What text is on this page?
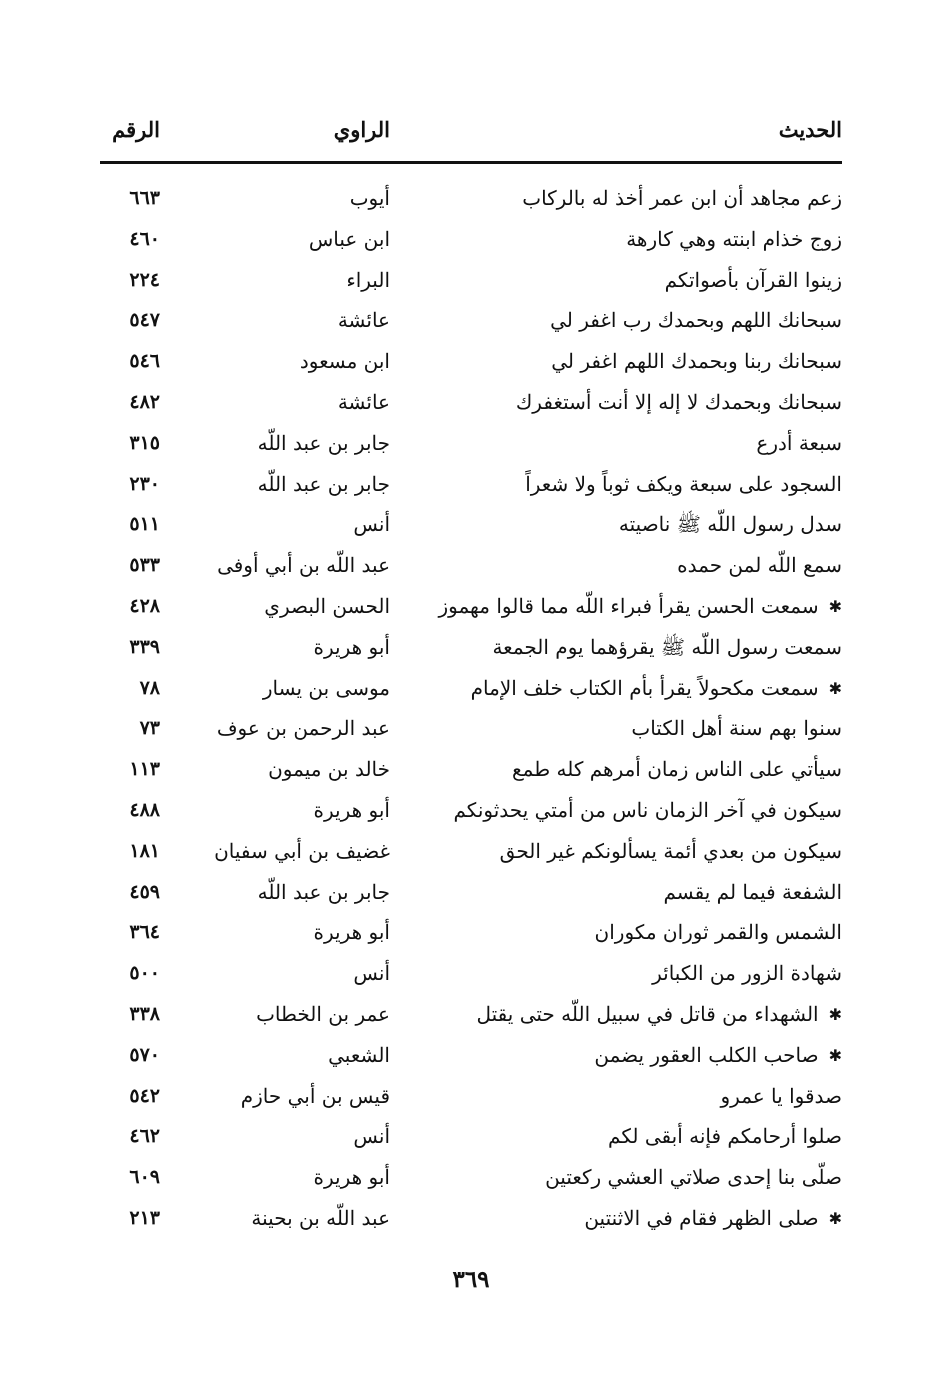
الحديث
الراوي
الرقم
زعم مجاهد أن ابن عمر أخذ له بالركاب
أيوب
٦٦٣
زوج خذام ابنته وهي كارهة
ابن عباس
٤٦٠
زينوا القرآن بأصواتكم
البراء
٢٢٤
سبحانك اللهم وبحمدك رب اغفر لي
عائشة
٥٤٧
سبحانك ربنا وبحمدك اللهم اغفر لي
ابن مسعود
٥٤٦
سبحانك وبحمدك لا إله إلا أنت أستغفرك
عائشة
٤٨٢
سبعة أدرع
جابر بن عبد اللّه
٣١٥
السجود على سبعة ويكف ثوباً ولا شعراً
جابر بن عبد اللّه
٢٣٠
سدل رسول اللّه ﷺ ناصيته
أنس
٥١١
سمع اللّه لمن حمده
عبد اللّه بن أبي أوفى
٥٣٣
✱سمعت الحسن يقرأ فبراء اللّه مما قالوا مهموز
الحسن البصري
٤٢٨
سمعت رسول اللّه ﷺ يقرؤهما يوم الجمعة
أبو هريرة
٣٣٩
✱سمعت مكحولاً يقرأ بأم الكتاب خلف الإمام
موسى بن يسار
٧٨
سنوا بهم سنة أهل الكتاب
عبد الرحمن بن عوف
٧٣
سيأتي على الناس زمان أمرهم كله طمع
خالد بن ميمون
١١٣
سيكون في آخر الزمان ناس من أمتي يحدثونكم
أبو هريرة
٤٨٨
سيكون من بعدي أئمة يسألونكم غير الحق
غضيف بن أبي سفيان
١٨١
الشفعة فيما لم يقسم
جابر بن عبد اللّه
٤٥٩
الشمس والقمر ثوران مكوران
أبو هريرة
٣٦٤
شهادة الزور من الكبائر
أنس
٥٠٠
✱الشهداء من قاتل في سبيل اللّه حتى يقتل
عمر بن الخطاب
٣٣٨
✱صاحب الكلب العقور يضمن
الشعبي
٥٧٠
صدقوا يا عمرو
قيس بن أبي حازم
٥٤٢
صلوا أرحامكم فإنه أبقى لكم
أنس
٤٦٢
صلّى بنا إحدى صلاتي العشي ركعتين
أبو هريرة
٦٠٩
✱صلى الظهر فقام في الاثنتين
عبد اللّه بن بحينة
٢١٣
٣٦٩
